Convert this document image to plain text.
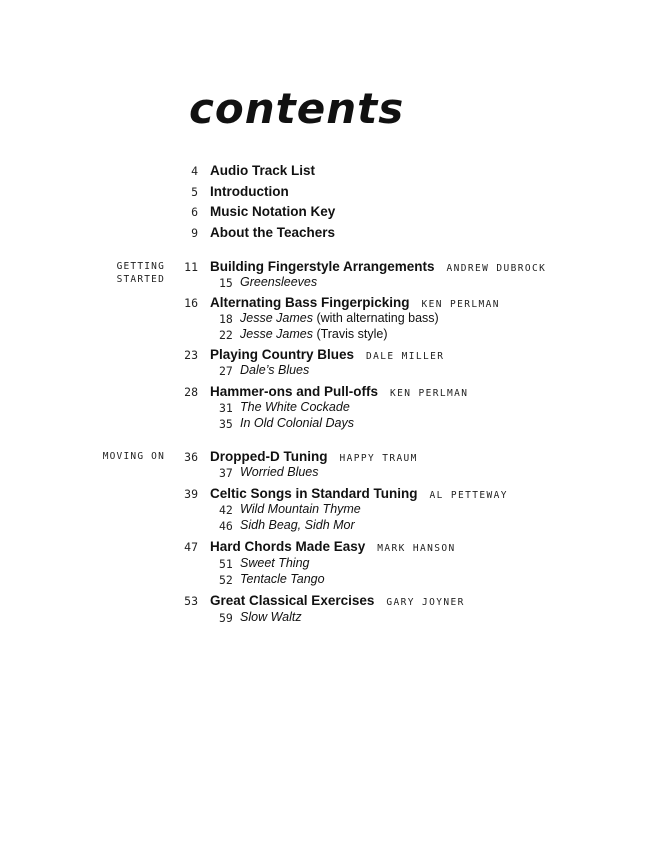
contents
4 Audio Track List
5 Introduction
6 Music Notation Key
9 About the Teachers
GETTING
STARTED
11 Building Fingerstyle Arrangements ANDREW DUBROCK
15 Greensleeves
16 Alternating Bass Fingerpicking KEN PERLMAN
18 Jesse James (with alternating bass)
22 Jesse James (Travis style)
23 Playing Country Blues DALE MILLER
27 Dale’s Blues
28 Hammer-ons and Pull-offs KEN PERLMAN
31 The White Cockade
35 In Old Colonial Days
MOVING ON 36 Dropped-D Tuning HAPPY TRAUM
37 Worried Blues
39 Celtic Songs in Standard Tuning AL PETTEWAY
42 Wild Mountain Thyme
46 Sidh Beag, Sidh Mor
47 Hard Chords Made Easy MARK HANSON
51 Sweet Thing
52 Tentacle Tango
53 Great Classical Exercises GARY JOYNER
59 Slow Waltz
